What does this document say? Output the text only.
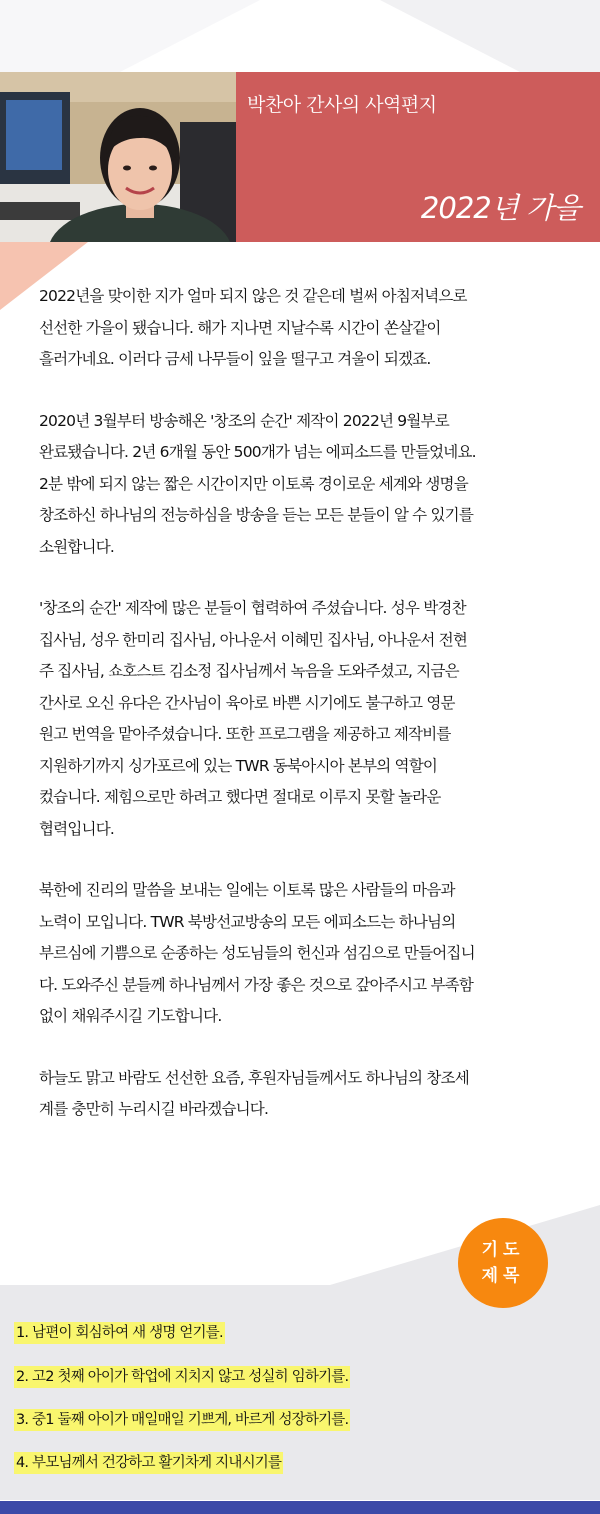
박찬아 간사의 사역편지
2022년 가을
2022년을 맞이한 지가 얼마 되지 않은 것 같은데 벌써 아침저녁으로
선선한 가을이 됐습니다. 해가 지나면 지날수록 시간이 쏜살같이
흘러가네요. 이러다 금세 나무들이 잎을 떨구고 겨울이 되겠죠.
2020년 3월부터 방송해온 '창조의 순간' 제작이 2022년 9월부로
완료됐습니다. 2년 6개월 동안 500개가 넘는 에피소드를 만들었네요.
2분 밖에 되지 않는 짧은 시간이지만 이토록 경이로운 세계와 생명을
창조하신 하나님의 전능하심을 방송을 듣는 모든 분들이 알 수 있기를
소원합니다.
'창조의 순간' 제작에 많은 분들이 협력하여 주셨습니다. 성우 박경찬
집사님, 성우 한미리 집사님, 아나운서 이혜민 집사님, 아나운서 전현
주 집사님, 쇼호스트 김소정 집사님께서 녹음을 도와주셨고, 지금은
간사로 오신 유다은 간사님이 육아로 바쁜 시기에도 불구하고 영문
원고 번역을 맡아주셨습니다. 또한 프로그램을 제공하고 제작비를
지원하기까지 싱가포르에 있는 TWR 동북아시아 본부의 역할이
컸습니다. 제힘으로만 하려고 했다면 절대로 이루지 못할 놀라운
협력입니다.
북한에 진리의 말씀을 보내는 일에는 이토록 많은 사람들의 마음과
노력이 모입니다. TWR 북방선교방송의 모든 에피소드는 하나님의
부르심에 기쁨으로 순종하는 성도님들의 헌신과 섬김으로 만들어집니
다. 도와주신 분들께 하나님께서 가장 좋은 것으로 갚아주시고 부족함
없이 채워주시길 기도합니다.
하늘도 맑고 바람도 선선한 요즘, 후원자님들께서도 하나님의 창조세
계를 충만히 누리시길 바라겠습니다.
기도
제목
1. 남편이 회심하여 새 생명 얻기를.
2. 고2 첫째 아이가 학업에 지치지 않고 성실히 임하기를.
3. 중1 둘째 아이가 매일매일 기쁘게, 바르게 성장하기를.
4. 부모님께서 건강하고 활기차게 지내시기를
